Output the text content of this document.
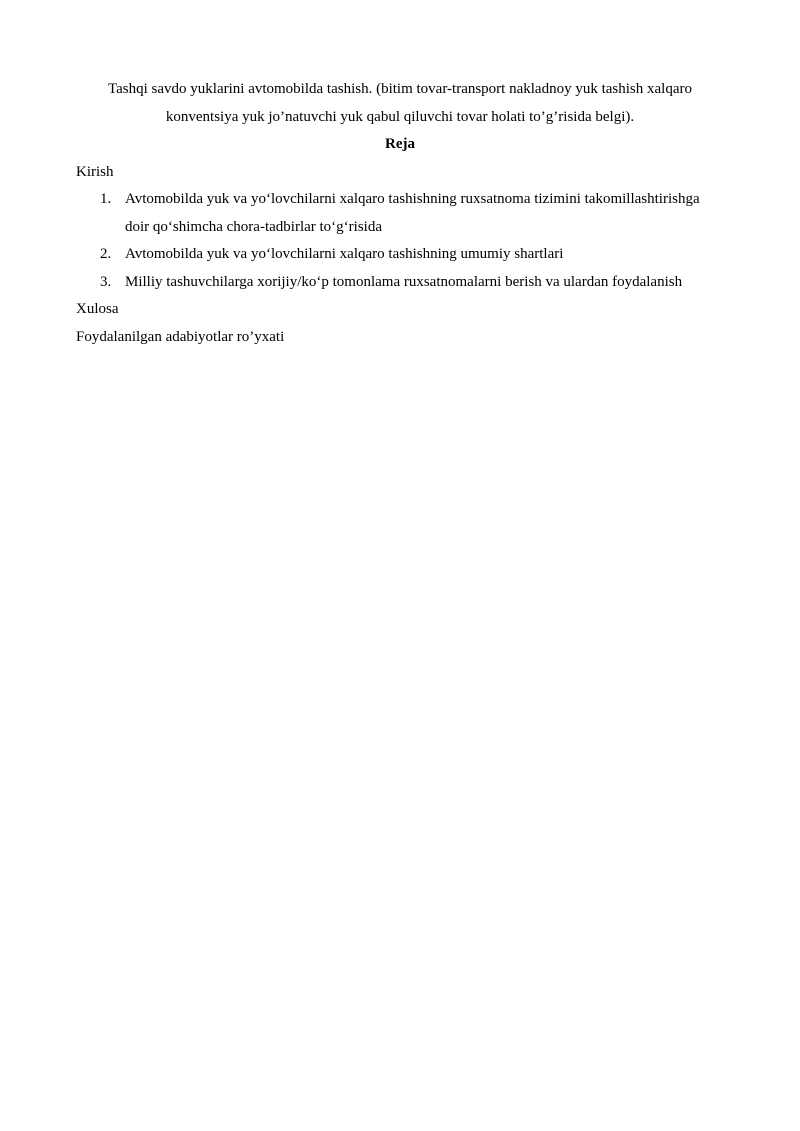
Tashqi savdo yuklarini avtomobilda tashish. (bitim tovar-transport nakladnoy yuk tashish xalqaro

konventsiya yuk jo’natuvchi yuk qabul qiluvchi tovar holati to’g’risida belgi).

Reja

Kirish

1. Avtomobilda yuk va yo‘lovchilarni xalqaro tashishning ruxsatnoma tizimini takomillashtirishga doir qo‘shimcha chora-tadbirlar to‘g‘risida
2. Avtomobilda yuk va yo‘lovchilarni xalqaro tashishning umumiy shartlari
3. Milliy tashuvchilarga xorijiy/ko‘p tomonlama ruxsatnomalarni berish va ulardan foydalanish

Xulosa

Foydalanilgan adabiyotlar ro’yxati
